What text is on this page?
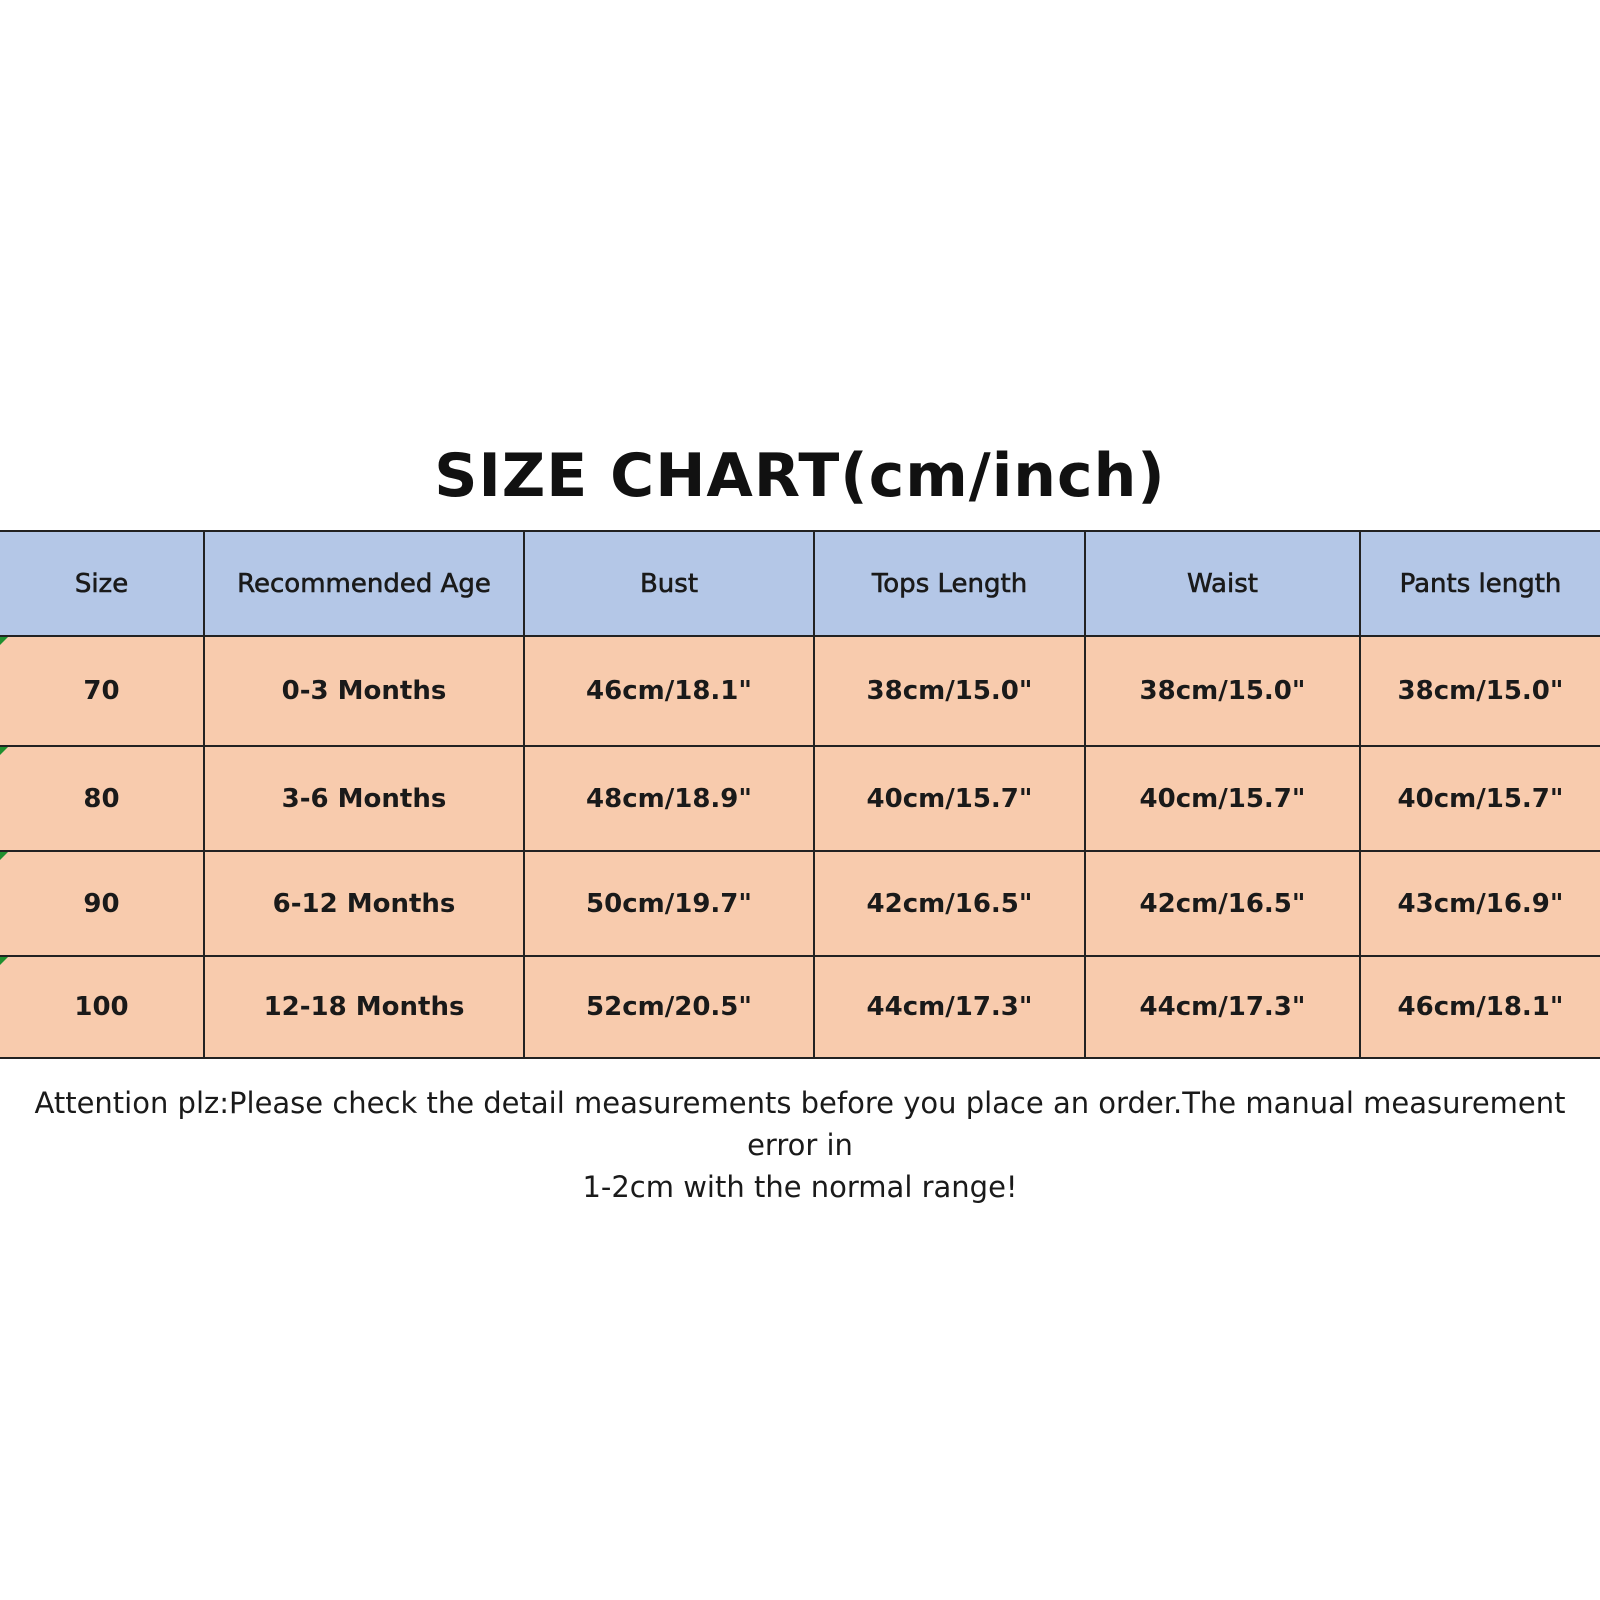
SIZE CHART(cm/inch)
Size	Recommended Age	Bust	Tops Length	Waist	Pants length

70	0-3 Months	46cm/18.1"	38cm/15.0"	38cm/15.0"	38cm/15.0"

80	3-6 Months	48cm/18.9"	40cm/15.7"	40cm/15.7"	40cm/15.7"

90	6-12 Months	50cm/19.7"	42cm/16.5"	42cm/16.5"	43cm/16.9"

100	12-18 Months	52cm/20.5"	44cm/17.3"	44cm/17.3"	46cm/18.1"
Attention plz:Please check the detail measurements before you place an order.The manual measurement error in
1-2cm with the normal range!
